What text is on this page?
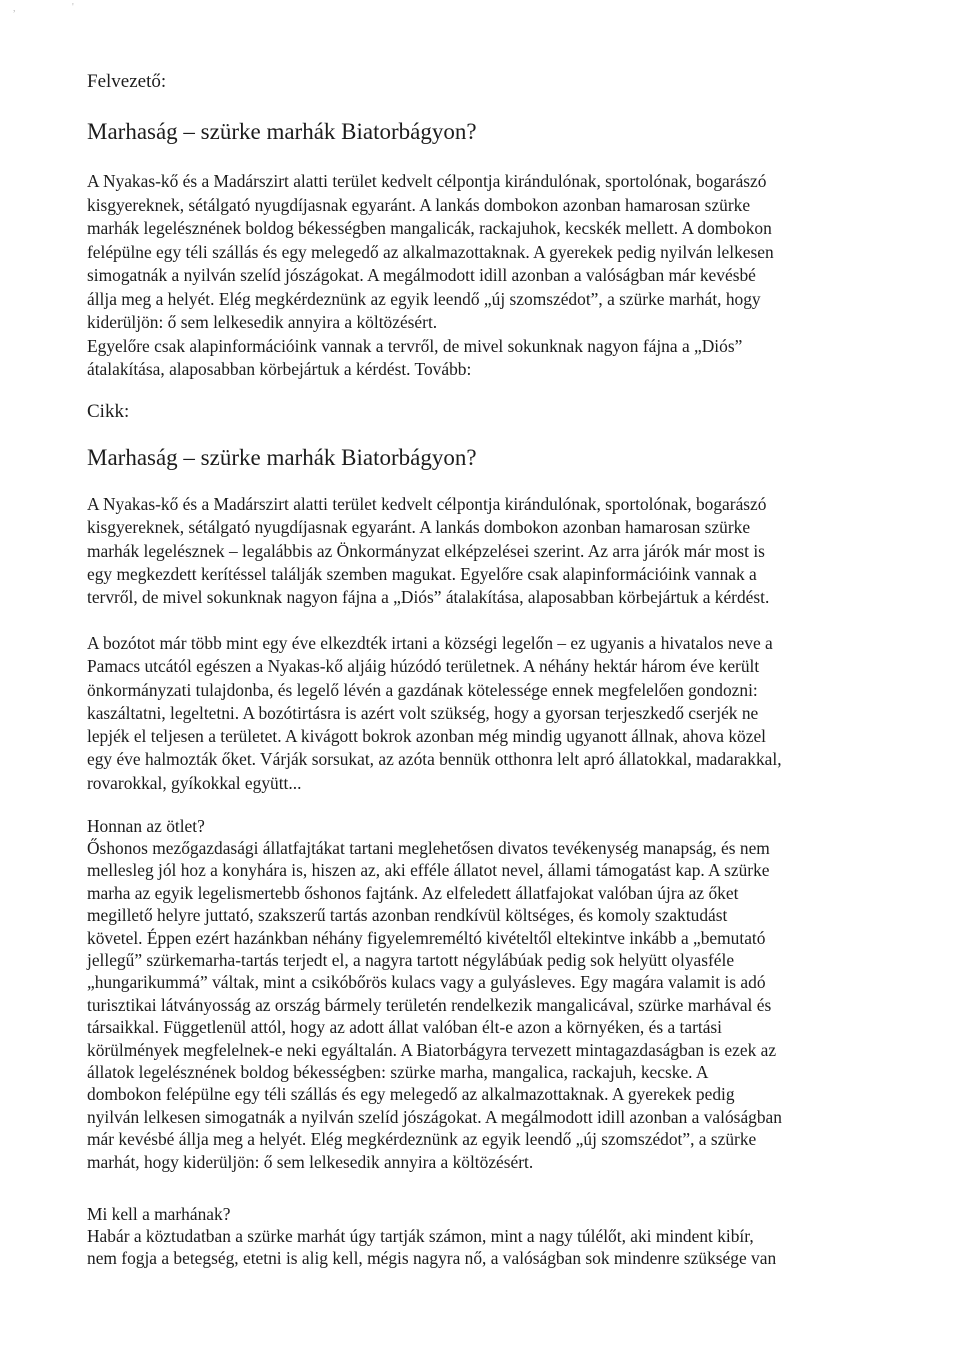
,	'
Felvezető:
Marhaság – szürke marhák Biatorbágyon?

A Nyakas-kő és a Madárszirt alatti terület kedvelt célpontja kirándulónak, sportolónak, bogarászó
kisgyereknek, sétálgató nyugdíjasnak egyaránt. A lankás dombokon azonban hamarosan szürke
marhák legelésznének boldog békességben mangalicák, rackajuhok, kecskék mellett. A dombokon
felépülne egy téli szállás és egy melegedő az alkalmazottaknak. A gyerekek pedig nyilván lelkesen
simogatnák a nyilván szelíd jószágokat. A megálmodott idill azonban a valóságban már kevésbé
állja meg a helyét. Elég megkérdeznünk az egyik leendő „új szomszédot”, a szürke marhát, hogy
kiderüljön: ő sem lelkesedik annyira a költözésért.
Egyelőre csak alapinformációink vannak a tervről, de mivel sokunknak nagyon fájna a „Diós”
átalakítása, alaposabban körbejártuk a kérdést. Tovább:

Cikk:
Marhaság – szürke marhák Biatorbágyon?

A Nyakas-kő és a Madárszirt alatti terület kedvelt célpontja kirándulónak, sportolónak, bogarászó
kisgyereknek, sétálgató nyugdíjasnak egyaránt. A lankás dombokon azonban hamarosan szürke
marhák legelésznek – legalábbis az Önkormányzat elképzelései szerint. Az arra járók már most is
egy megkezdett kerítéssel találják szemben magukat. Egyelőre csak alapinformációink vannak a
tervről, de mivel sokunknak nagyon fájna a „Diós” átalakítása, alaposabban körbejártuk a kérdést.

A bozótot már több mint egy éve elkezdték irtani a községi legelőn – ez ugyanis a hivatalos neve a
Pamacs utcától egészen a Nyakas-kő aljáig húzódó területnek. A néhány hektár három éve került
önkormányzati tulajdonba, és legelő lévén a gazdának kötelessége ennek megfelelően gondozni:
kaszáltatni, legeltetni. A bozótirtásra is azért volt szükség, hogy a gyorsan terjeszkedő cserjék ne
lepjék el teljesen a területet. A kivágott bokrok azonban még mindig ugyanott állnak, ahova közel
egy éve halmozták őket. Várják sorsukat, az azóta bennük otthonra lelt apró állatokkal, madarakkal,
rovarokkal, gyíkokkal együtt...

Honnan az ötlet?

Őshonos mezőgazdasági állatfajtákat tartani meglehetősen divatos tevékenység manapság, és nem
mellesleg jól hoz a konyhára is, hiszen az, aki efféle állatot nevel, állami támogatást kap. A szürke
marha az egyik legelismertebb őshonos fajtánk. Az elfeledett állatfajokat valóban újra az őket
megillető helyre juttató, szakszerű tartás azonban rendkívül költséges, és komoly szaktudást
követel. Éppen ezért hazánkban néhány figyelemreméltó kivételtől eltekintve inkább a „bemutató
jellegű” szürkemarha-tartás terjedt el, a nagyra tartott négylábúak pedig sok helyütt olyasféle
„hungarikummá” váltak, mint a csikóbőrös kulacs vagy a gulyásleves. Egy magára valamit is adó
turisztikai látványosság az ország bármely területén rendelkezik mangalicával, szürke marhával és
társaikkal. Függetlenül attól, hogy az adott állat valóban élt-e azon a környéken, és a tartási
körülmények megfelelnek-e neki egyáltalán. A Biatorbágyra tervezett mintagazdaságban is ezek az
állatok legelésznének boldog békességben: szürke marha, mangalica, rackajuh, kecske. A
dombokon felépülne egy téli szállás és egy melegedő az alkalmazottaknak. A gyerekek pedig
nyilván lelkesen simogatnák a nyilván szelíd jószágokat. A megálmodott idill azonban a valóságban
már kevésbé állja meg a helyét. Elég megkérdeznünk az egyik leendő „új szomszédot”, a szürke
marhát, hogy kiderüljön: ő sem lelkesedik annyira a költözésért.

Mi kell a marhának?

Habár a köztudatban a szürke marhát úgy tartják számon, mint a nagy túlélőt, aki mindent kibír,
nem fogja a betegség, etetni is alig kell, mégis nagyra nő, a valóságban sok mindenre szüksége van
